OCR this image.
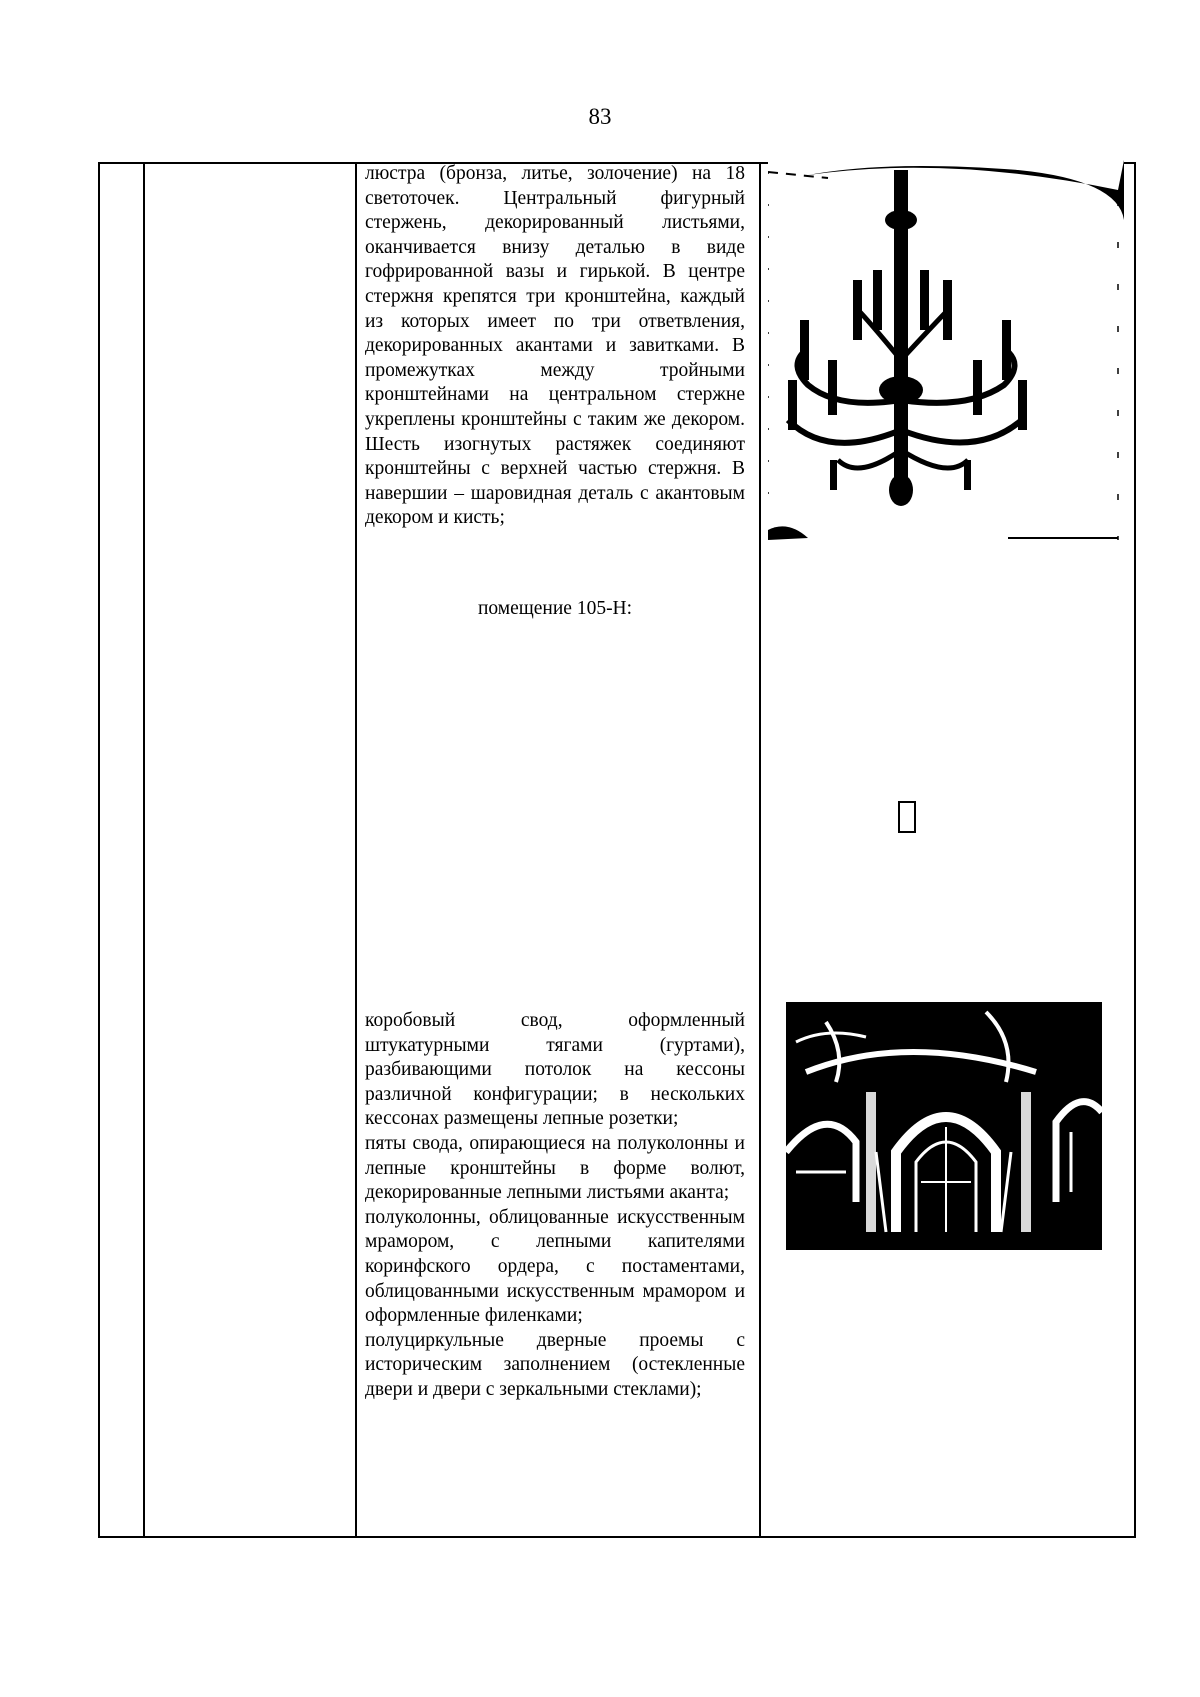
83

люстра (бронза, литье, золочение) на 18 светоточек. Центральный фигурный стержень, декорированный листьями, оканчивается внизу деталью в виде гофрированной вазы и гирькой. В центре стержня крепятся три кронштейна, каждый из которых имеет по три ответвления, декорированных акантами и завитками. В промежутках между тройными кронштейнами на центральном стержне укреплены кронштейны с таким же декором. Шесть изогнутых растяжек соединяют кронштейны с верхней частью стержня. В навершии – шаровидная деталь с акантовым декором и кисть;

помещение 105-Н:

коробовый свод, оформленный штукатурными тягами (гуртами), разбивающими потолок на кессоны различной конфигурации; в нескольких кессонах размещены лепные розетки;

пяты свода, опирающиеся на полуколонны и лепные кронштейны в форме волют, декорированные лепными листьями аканта;

полуколонны, облицованные искусственным мрамором, с лепными капителями коринфского ордера, с постаментами, облицованными искусственным мрамором и оформленные филенками;

полуциркульные дверные проемы с историческим заполнением (остекленные двери и двери с зеркальными стеклами);
